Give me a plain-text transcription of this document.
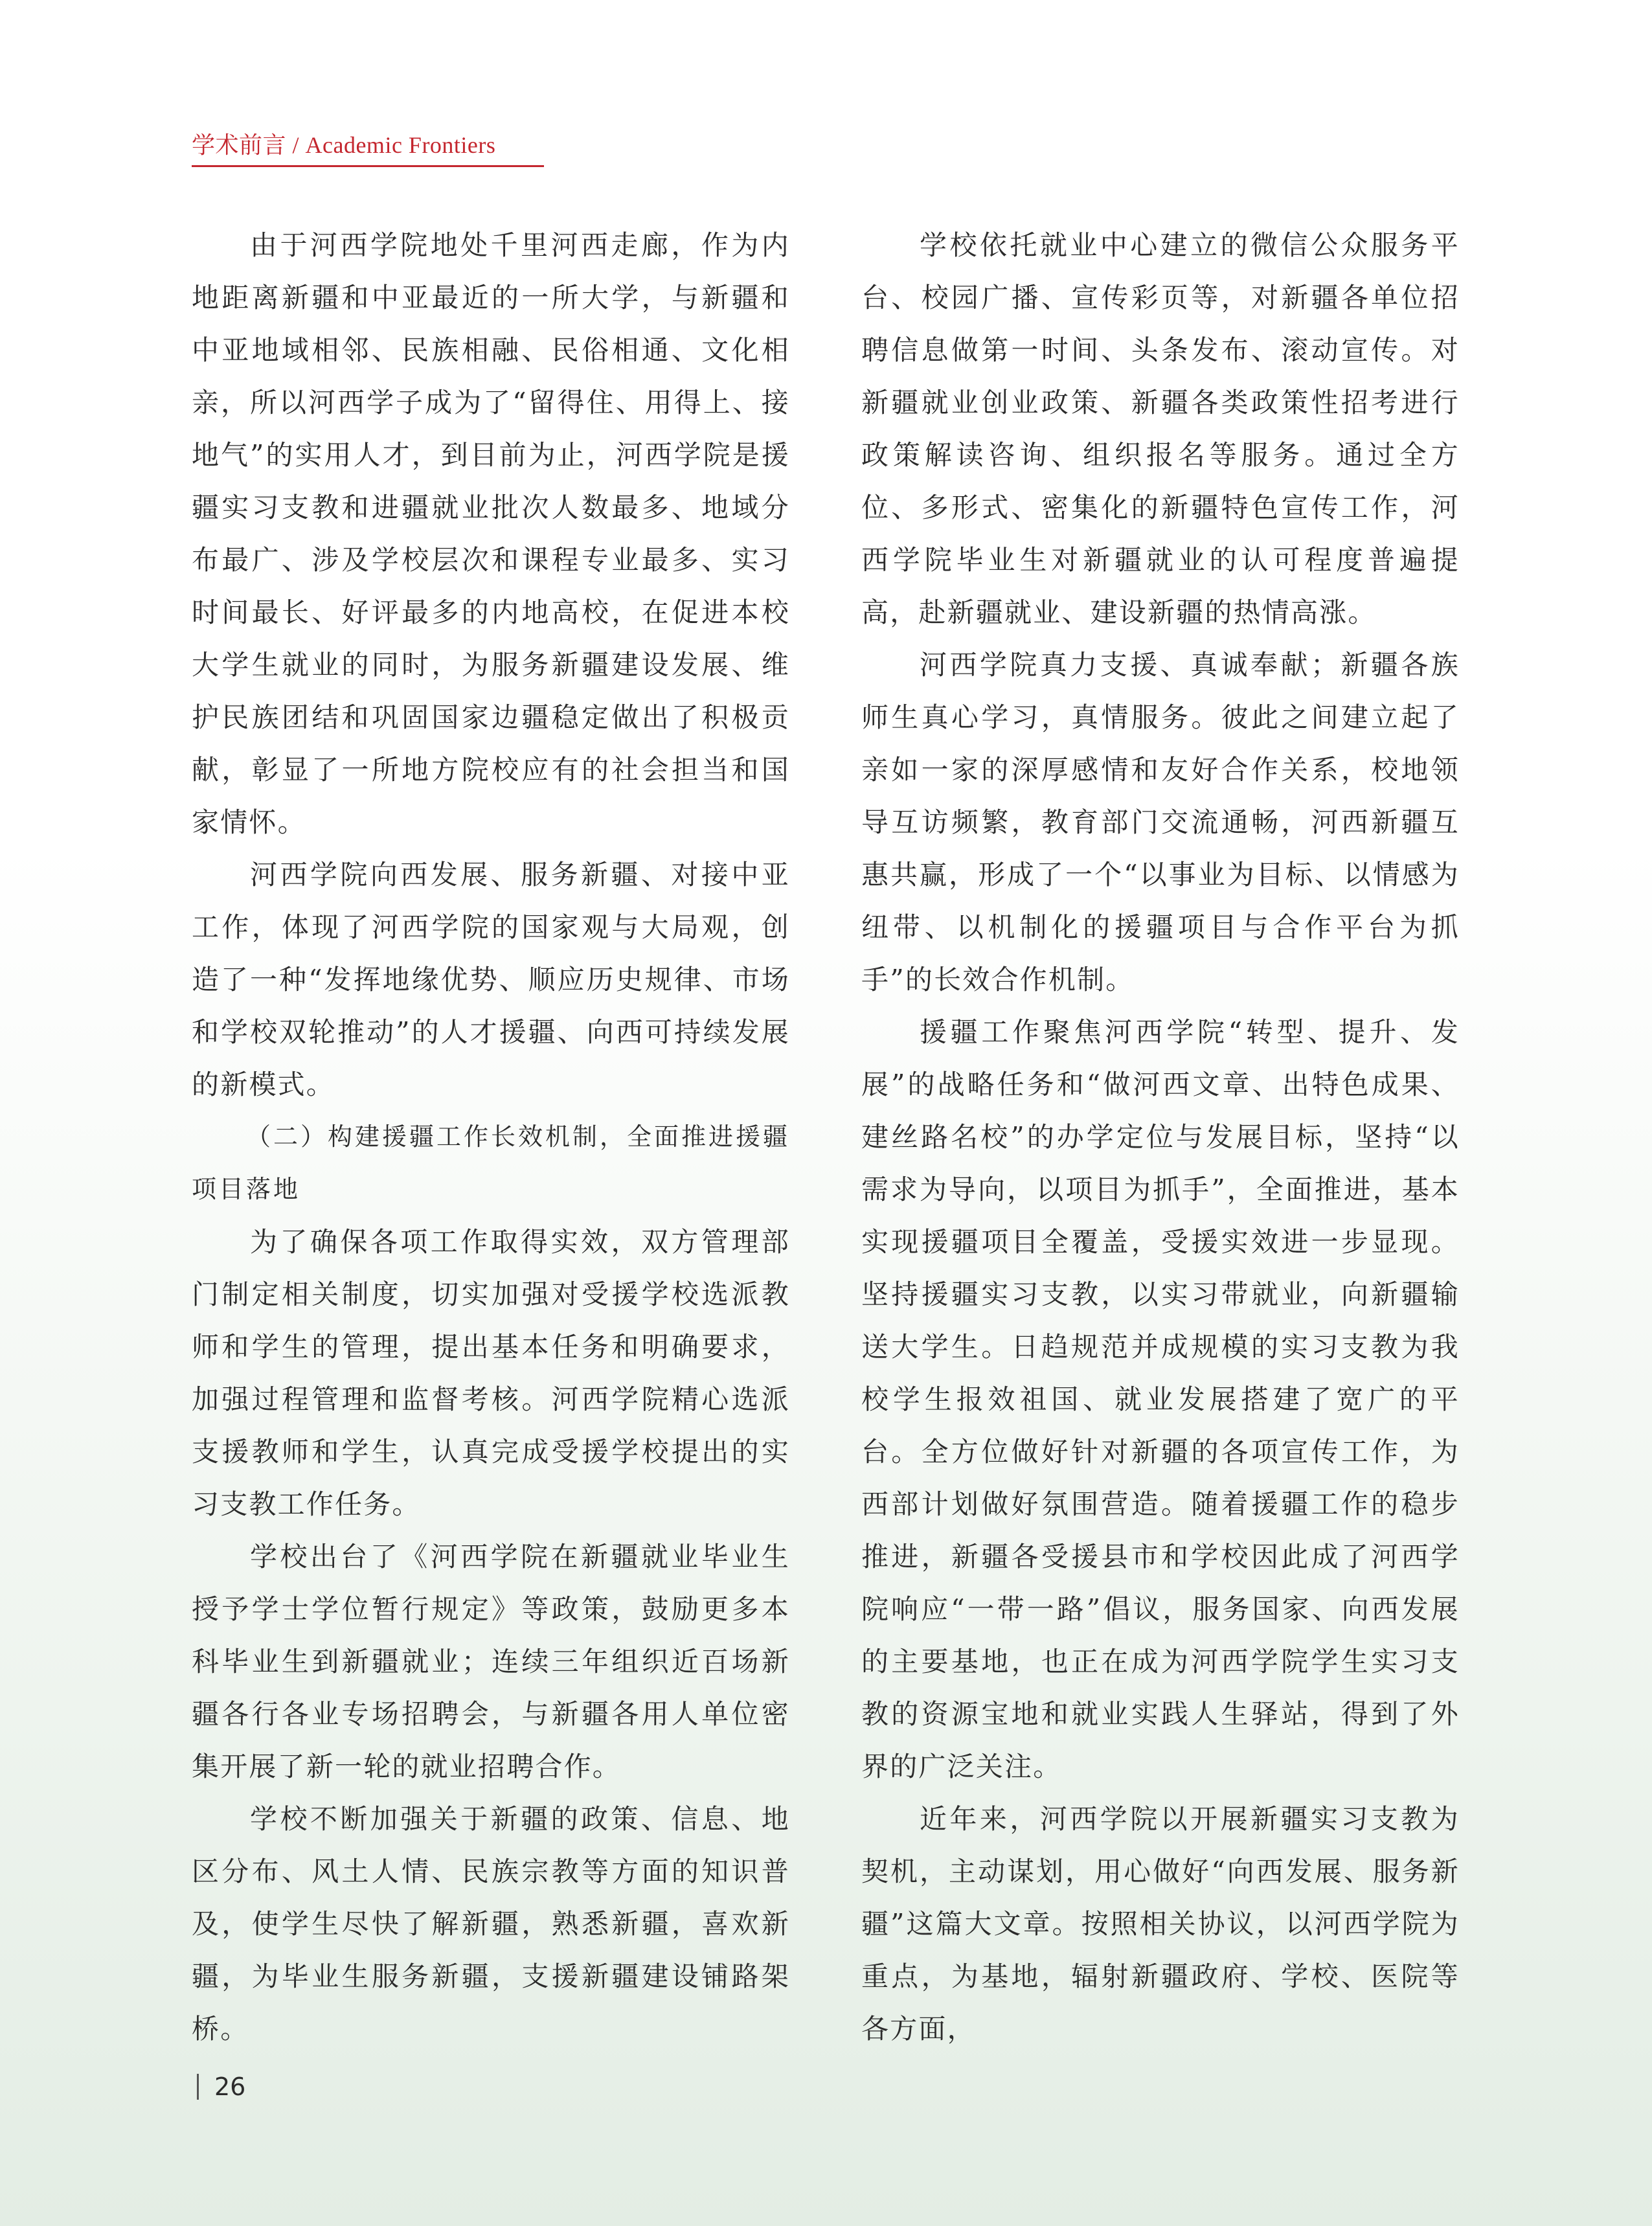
学术前言 / Academic Frontiers

由于河西学院地处千里河西走廊，作为内地距离新疆和中亚最近的一所大学，与新疆和中亚地域相邻、民族相融、民俗相通、文化相亲，所以河西学子成为了“留得住、用得上、接地气”的实用人才，到目前为止，河西学院是援疆实习支教和进疆就业批次人数最多、地域分布最广、涉及学校层次和课程专业最多、实习时间最长、好评最多的内地高校，在促进本校大学生就业的同时，为服务新疆建设发展、维护民族团结和巩固国家边疆稳定做出了积极贡献，彰显了一所地方院校应有的社会担当和国家情怀。

河西学院向西发展、服务新疆、对接中亚工作，体现了河西学院的国家观与大局观，创造了一种“发挥地缘优势、顺应历史规律、市场和学校双轮推动”的人才援疆、向西可持续发展的新模式。

（二）构建援疆工作长效机制，全面推进援疆项目落地

为了确保各项工作取得实效，双方管理部门制定相关制度，切实加强对受援学校选派教师和学生的管理，提出基本任务和明确要求，加强过程管理和监督考核。河西学院精心选派支援教师和学生，认真完成受援学校提出的实习支教工作任务。

学校出台了《河西学院在新疆就业毕业生授予学士学位暂行规定》等政策，鼓励更多本科毕业生到新疆就业；连续三年组织近百场新疆各行各业专场招聘会，与新疆各用人单位密集开展了新一轮的就业招聘合作。

学校不断加强关于新疆的政策、信息、地区分布、风土人情、民族宗教等方面的知识普及，使学生尽快了解新疆，熟悉新疆，喜欢新疆，为毕业生服务新疆，支援新疆建设铺路架桥。

学校依托就业中心建立的微信公众服务平台、校园广播、宣传彩页等，对新疆各单位招聘信息做第一时间、头条发布、滚动宣传。对新疆就业创业政策、新疆各类政策性招考进行政策解读咨询、组织报名等服务。通过全方位、多形式、密集化的新疆特色宣传工作，河西学院毕业生对新疆就业的认可程度普遍提高，赴新疆就业、建设新疆的热情高涨。

河西学院真力支援、真诚奉献；新疆各族师生真心学习，真情服务。彼此之间建立起了亲如一家的深厚感情和友好合作关系，校地领导互访频繁，教育部门交流通畅，河西新疆互惠共赢，形成了一个“以事业为目标、以情感为纽带、以机制化的援疆项目与合作平台为抓手”的长效合作机制。

援疆工作聚焦河西学院“转型、提升、发展”的战略任务和“做河西文章、出特色成果、建丝路名校”的办学定位与发展目标，坚持“以需求为导向，以项目为抓手”，全面推进，基本实现援疆项目全覆盖，受援实效进一步显现。坚持援疆实习支教，以实习带就业，向新疆输送大学生。日趋规范并成规模的实习支教为我校学生报效祖国、就业发展搭建了宽广的平台。全方位做好针对新疆的各项宣传工作，为西部计划做好氛围营造。随着援疆工作的稳步推进，新疆各受援县市和学校因此成了河西学院响应“一带一路”倡议，服务国家、向西发展的主要基地，也正在成为河西学院学生实习支教的资源宝地和就业实践人生驿站，得到了外界的广泛关注。

近年来，河西学院以开展新疆实习支教为契机，主动谋划，用心做好“向西发展、服务新疆”这篇大文章。按照相关协议，以河西学院为重点，为基地，辐射新疆政府、学校、医院等各方面，

26
